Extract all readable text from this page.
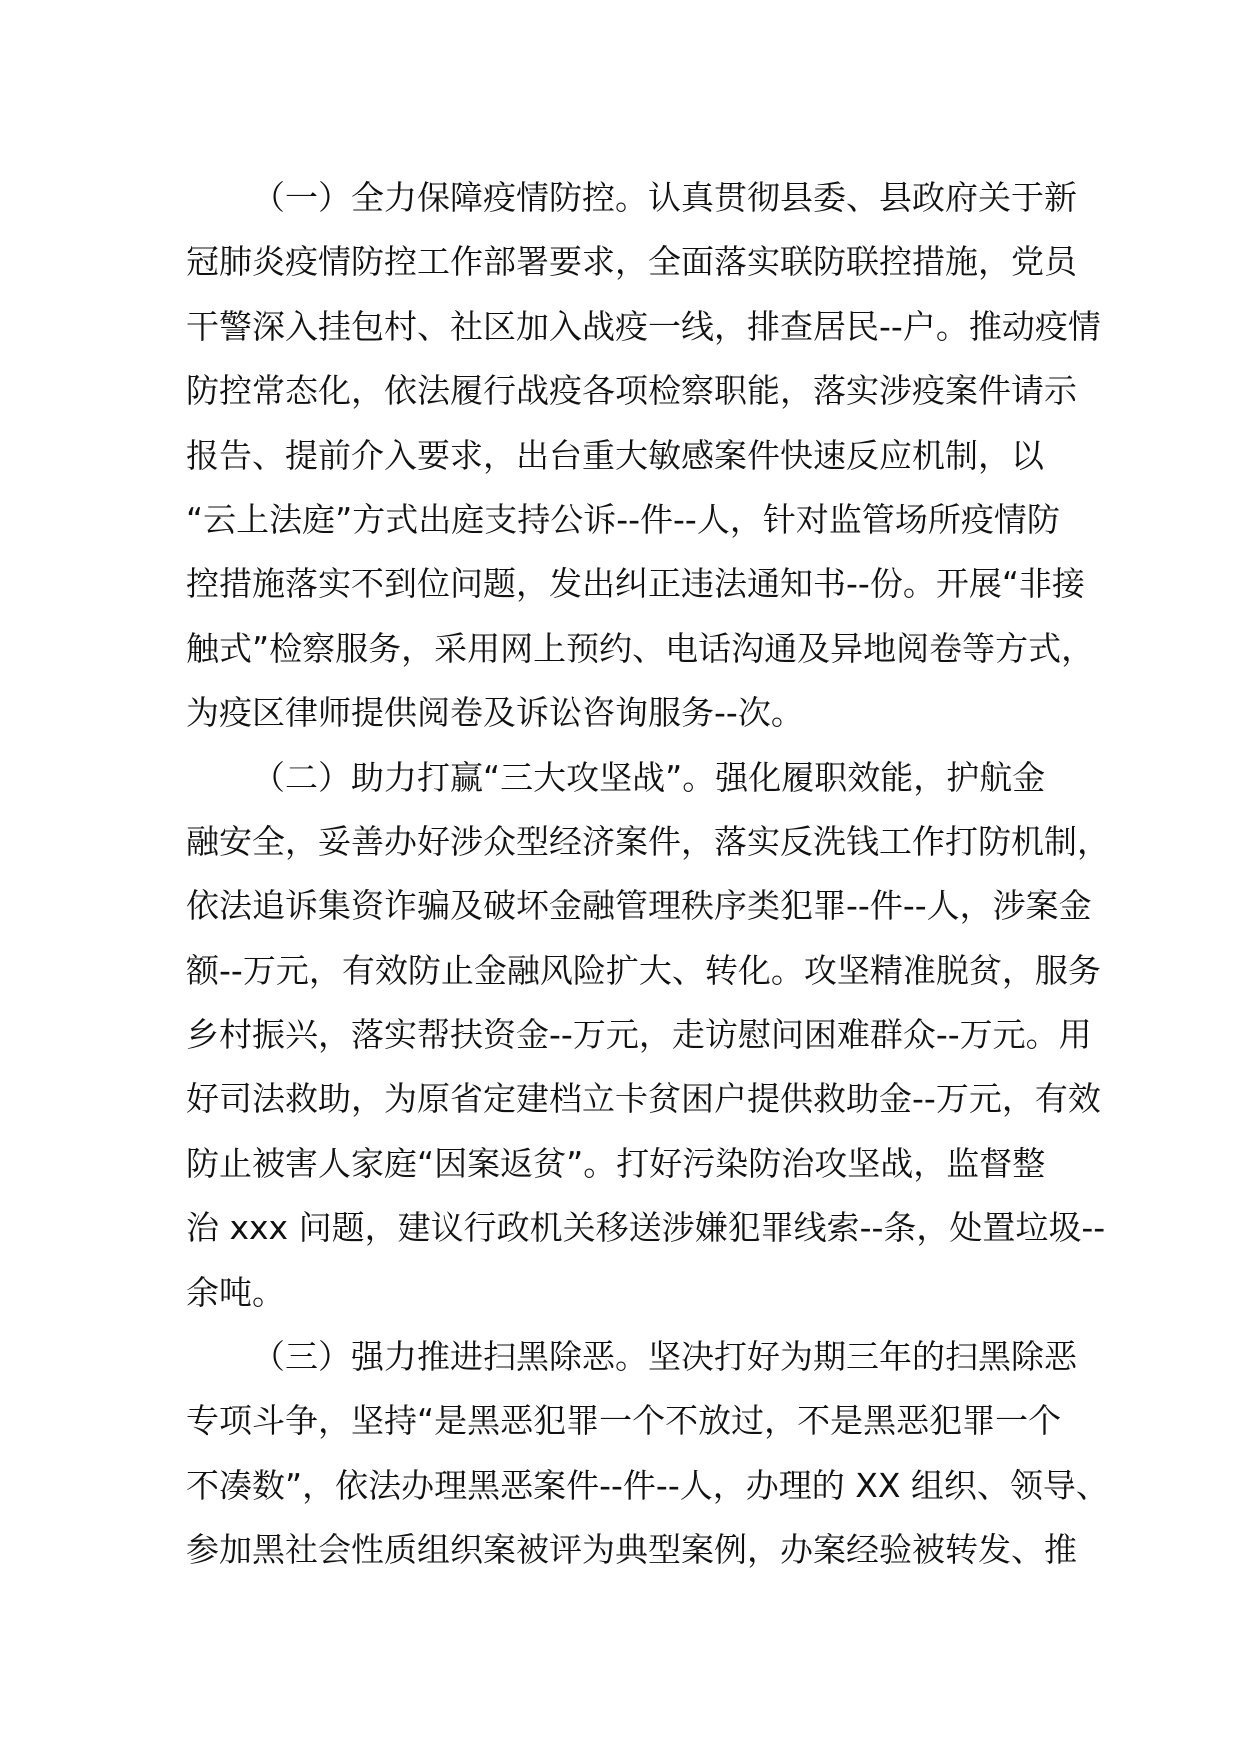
（一）全力保障疫情防控。认真贯彻县委、县政府关于新
冠肺炎疫情防控工作部署要求，全面落实联防联控措施，党员
干警深入挂包村、社区加入战疫一线，排查居民--户。推动疫情
防控常态化，依法履行战疫各项检察职能，落实涉疫案件请示
报告、提前介入要求，出台重大敏感案件快速反应机制，以
“云上法庭”方式出庭支持公诉--件--人，针对监管场所疫情防
控措施落实不到位问题，发出纠正违法通知书--份。开展“非接
触式”检察服务，采用网上预约、电话沟通及异地阅卷等方式，
为疫区律师提供阅卷及诉讼咨询服务--次。
（二）助力打赢“三大攻坚战”。强化履职效能，护航金
融安全，妥善办好涉众型经济案件，落实反洗钱工作打防机制，
依法追诉集资诈骗及破坏金融管理秩序类犯罪--件--人，涉案金
额--万元，有效防止金融风险扩大、转化。攻坚精准脱贫，服务
乡村振兴，落实帮扶资金--万元，走访慰问困难群众--万元。用
好司法救助，为原省定建档立卡贫困户提供救助金--万元，有效
防止被害人家庭“因案返贫”。打好污染防治攻坚战，监督整
治 xxx 问题，建议行政机关移送涉嫌犯罪线索--条，处置垃圾--
余吨。
（三）强力推进扫黑除恶。坚决打好为期三年的扫黑除恶
专项斗争，坚持“是黑恶犯罪一个不放过，不是黑恶犯罪一个
不凑数”，依法办理黑恶案件--件--人，办理的 XX 组织、领导、
参加黑社会性质组织案被评为典型案例，办案经验被转发、推
